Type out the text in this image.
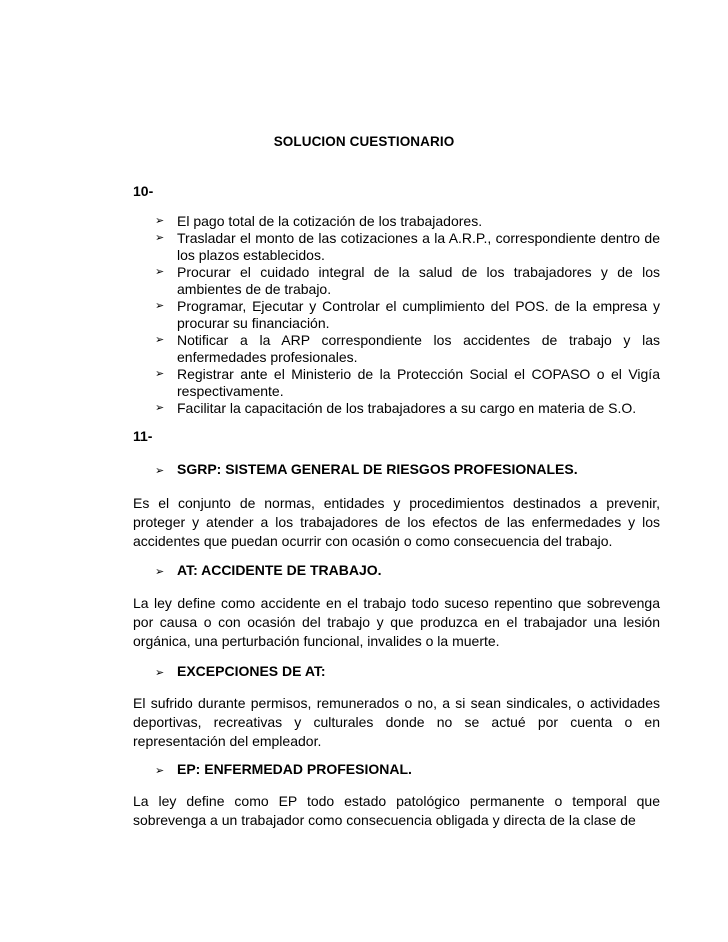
SOLUCION CUESTIONARIO
10-
➢ El pago total de la cotización de los trabajadores.
➢ Trasladar el monto de las cotizaciones a la A.R.P., correspondiente dentro de los plazos establecidos.
➢ Procurar el cuidado integral de la salud de los trabajadores y de los ambientes de de trabajo.
➢ Programar, Ejecutar y Controlar el cumplimiento del POS. de la empresa y procurar su financiación.
➢ Notificar a la ARP correspondiente los accidentes de trabajo y las enfermedades profesionales.
➢ Registrar ante el Ministerio de la Protección Social el COPASO o el Vigía respectivamente.
➢ Facilitar la capacitación de los trabajadores a su cargo en materia de S.O.
11-
➢ SGRP: SISTEMA GENERAL DE RIESGOS PROFESIONALES.
Es el conjunto de normas, entidades y procedimientos destinados a prevenir, proteger y atender a los trabajadores de los efectos de las enfermedades y los accidentes que puedan ocurrir con ocasión o como consecuencia del trabajo.
➢ AT: ACCIDENTE DE TRABAJO.
La ley define como accidente en el trabajo todo suceso repentino que sobrevenga por causa o con ocasión del trabajo y que produzca en el trabajador una lesión orgánica, una perturbación funcional, invalides o la muerte.
➢ EXCEPCIONES DE AT:
El sufrido durante permisos, remunerados o no, a si sean sindicales, o actividades deportivas, recreativas y culturales donde no se actué por cuenta o en representación del empleador.
➢ EP: ENFERMEDAD PROFESIONAL.
La ley define como EP todo estado patológico permanente o temporal que sobrevenga a un trabajador como consecuencia obligada y directa de la clase de
